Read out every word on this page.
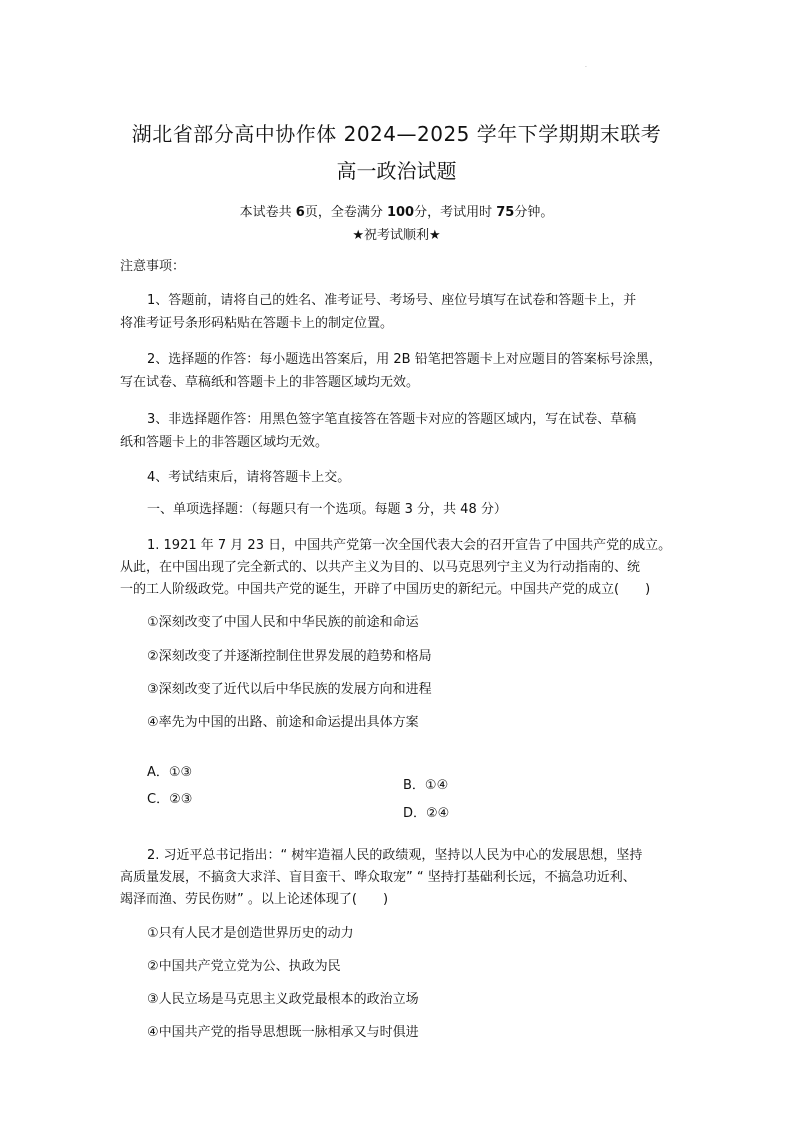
·
湖北省部分高中协作体 2024—2025 学年下学期期末联考
高一政治试题
本试卷共 6页，全卷满分 100分，考试用时 75分钟。
★祝考试顺利★
注意事项：
1、答题前，请将自己的姓名、准考证号、考场号、座位号填写在试卷和答题卡上，并
将准考证号条形码粘贴在答题卡上的制定位置。
2、选择题的作答：每小题选出答案后，用 2B 铅笔把答题卡上对应题目的答案标号涂黑，
写在试卷、草稿纸和答题卡上的非答题区域均无效。
3、非选择题作答：用黑色签字笔直接答在答题卡对应的答题区域内，写在试卷、草稿
纸和答题卡上的非答题区域均无效。
4、考试结束后，请将答题卡上交。
一、单项选择题：（每题只有一个选项。每题 3 分，共 48 分）
1. 1921 年 7 月 23 日，中国共产党第一次全国代表大会的召开宣告了中国共产党的成立。
从此，在中国出现了完全新式的、以共产主义为目的、以马克思列宁主义为行动指南的、统
一的工人阶级政党。中国共产党的诞生，开辟了中国历史的新纪元。中国共产党的成立(　　)
①深刻改变了中国人民和中华民族的前途和命运
②深刻改变了并逐渐控制住世界发展的趋势和格局
③深刻改变了近代以后中华民族的发展方向和进程
④率先为中国的出路、前途和命运提出具体方案
A．①③
B．①④
C．②③
D．②④
2. 习近平总书记指出：“ 树牢造福人民的政绩观，坚持以人民为中心的发展思想，坚持
高质量发展，不搞贪大求洋、盲目蛮干、哗众取宠” “ 坚持打基础利长远，不搞急功近利、
竭泽而渔、劳民伤财” 。以上论述体现了(　　)
①只有人民才是创造世界历史的动力
②中国共产党立党为公、执政为民
③人民立场是马克思主义政党最根本的政治立场
④中国共产党的指导思想既一脉相承又与时俱进
